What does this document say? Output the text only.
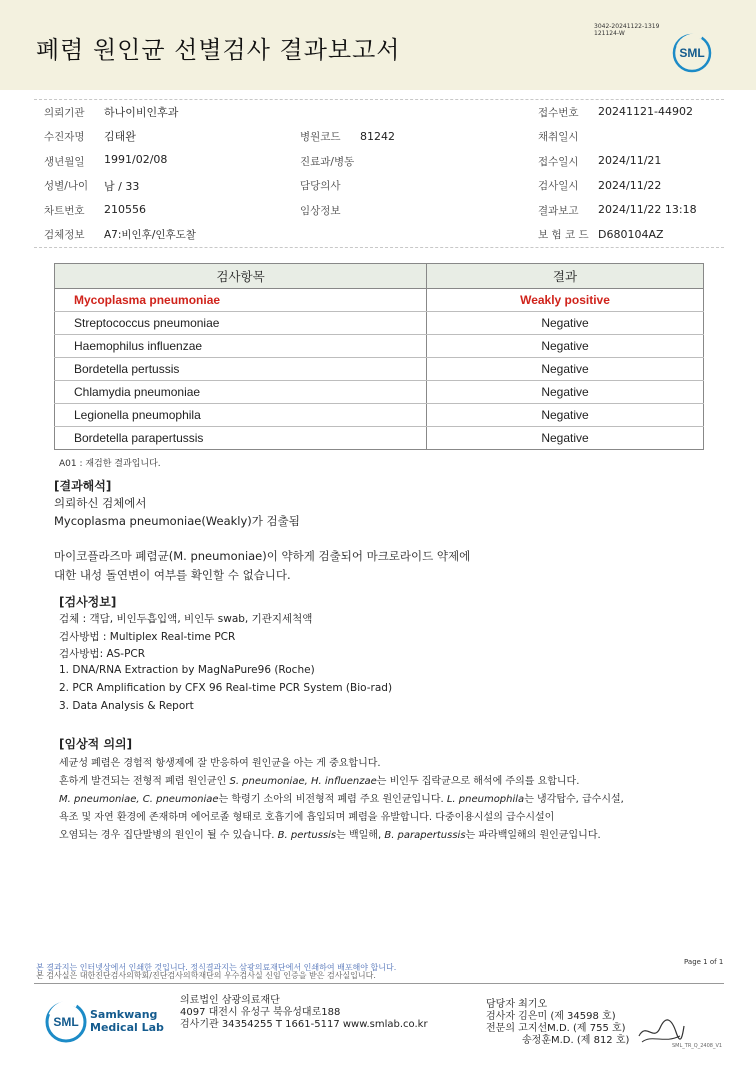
폐렴 원인균 선별검사 결과보고서
3042-20241122-1319
121124-W
SML
의뢰기관 하나이비인후과	접수번호 20241121-44902
수진자명 김태완	병원코드 81242	채취일시
생년월일 1991/02/08	진료과/병동	접수일시 2024/11/21
성별/나이 남 / 33	담당의사	검사일시 2024/11/22
차트번호 210556	임상정보	결과보고 2024/11/22 13:18
검체정보 A7:비인후/인후도찰	보 험 코 드 D680104AZ
검사항목	결과
Mycoplasma pneumoniae	Weakly positive
Streptococcus pneumoniae	Negative
Haemophilus influenzae	Negative
Bordetella pertussis	Negative
Chlamydia pneumoniae	Negative
Legionella pneumophila	Negative
Bordetella parapertussis	Negative
A01 : 재검한 결과입니다.
[결과해석]
의뢰하신 검체에서
Mycoplasma pneumoniae(Weakly)가 검출됨
마이코플라즈마 폐렴균(M. pneumoniae)이 약하게 검출되어 마크로라이드 약제에
대한 내성 돌연변이 여부를 확인할 수 없습니다.
[검사정보]
검체 : 객담, 비인두흡입액, 비인두 swab, 기관지세척액
검사방법 : Multiplex Real-time PCR
검사방법: AS-PCR
1. DNA/RNA Extraction by MagNaPure96 (Roche)
2. PCR Amplification by CFX 96 Real-time PCR System (Bio-rad)
3. Data Analysis & Report
[임상적 의의]
세균성 폐렴은 경험적 항생제에 잘 반응하여 원인균을 아는 게 중요합니다.
흔하게 발견되는 전형적 폐렴 원인균인 S. pneumoniae, H. influenzae는 비인두 집락균으로 해석에 주의를 요합니다.
M. pneumoniae, C. pneumoniae는 학령기 소아의 비전형적 폐렴 주요 원인균입니다. L. pneumophila는 냉각탑수, 급수시설,
욕조 및 자연 환경에 존재하며 에어로졸 형태로 호흡기에 흡입되며 폐렴을 유발합니다. 다중이용시설의 급수시설이
오염되는 경우 집단발병의 원인이 될 수 있습니다. B. pertussis는 백일해, B. parapertussis는 파라백일해의 원인균입니다.
본 결과지는 인터넷상에서 인쇄한 것입니다. 정식결과지는 삼광의료재단에서 인쇄하여 배포해야 합니다.
본 검사실은 대한진단검사의학회/진단검사의학재단의 우수검사실 신임 인증을 받은 검사실입니다.
Page 1 of 1
SML
Samkwang
Medical Lab
의료법인 삼광의료재단
4097 대전시 유성구 북유성대로188
검사기관 34354255 T 1661-5117 www.smlab.co.kr
담당자 최기오
검사자 김은미 (제 34598 호)
전문의 고지선M.D. (제 755 호)
송정훈M.D. (제 812 호)	SML_TR_Q_2408_V1
